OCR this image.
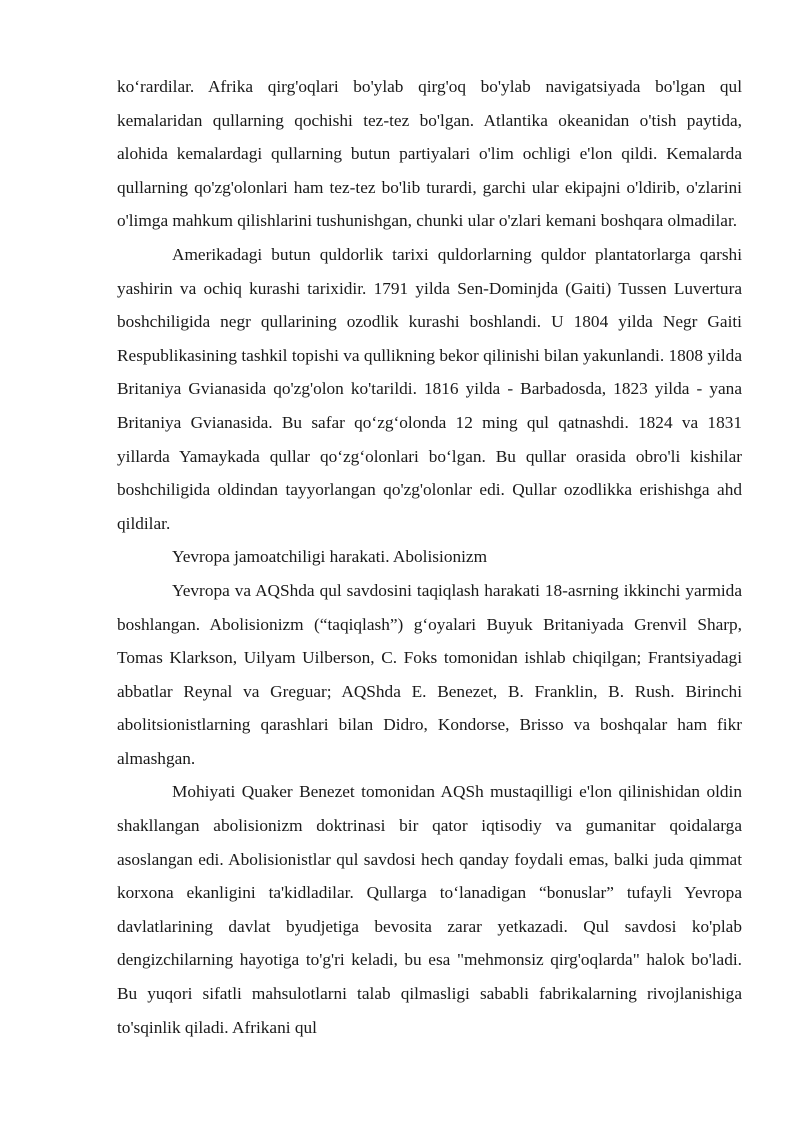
ko‘rardilar. Afrika qirg'oqlari bo'ylab qirg'oq bo'ylab navigatsiyada bo'lgan qul kemalaridan qullarning qochishi tez-tez bo'lgan. Atlantika okeanidan o'tish paytida, alohida kemalardagi qullarning butun partiyalari o'lim ochligi e'lon qildi. Kemalarda qullarning qo'zg'olonlari ham tez-tez bo'lib turardi, garchi ular ekipajni o'ldirib, o'zlarini o'limga mahkum qilishlarini tushunishgan, chunki ular o'zlari kemani boshqara olmadilar.

Amerikadagi butun quldorlik tarixi quldorlarning quldor plantatorlarga qarshi yashirin va ochiq kurashi tarixidir. 1791 yilda Sen-Dominjda (Gaiti) Tussen Luvertura boshchiligida negr qullarining ozodlik kurashi boshlandi. U 1804 yilda Negr Gaiti Respublikasining tashkil topishi va qullikning bekor qilinishi bilan yakunlandi. 1808 yilda Britaniya Gvianasida qo'zg'olon ko'tarildi. 1816 yilda - Barbadosda, 1823 yilda - yana Britaniya Gvianasida. Bu safar qo‘zg‘olonda 12 ming qul qatnashdi. 1824 va 1831 yillarda Yamaykada qullar qo‘zg‘olonlari bo‘lgan. Bu qullar orasida obro'li kishilar boshchiligida oldindan tayyorlangan qo'zg'olonlar edi. Qullar ozodlikka erishishga ahd qildilar.

Yevropa jamoatchiligi harakati. Abolisionizm

Yevropa va AQShda qul savdosini taqiqlash harakati 18-asrning ikkinchi yarmida boshlangan. Abolisionizm (“taqiqlash”) g‘oyalari Buyuk Britaniyada Grenvil Sharp, Tomas Klarkson, Uilyam Uilberson, C. Foks tomonidan ishlab chiqilgan; Frantsiyadagi abbatlar Reynal va Greguar; AQShda E. Benezet, B. Franklin, B. Rush. Birinchi abolitsionistlarning qarashlari bilan Didro, Kondorse, Brisso va boshqalar ham fikr almashgan.

Mohiyati Quaker Benezet tomonidan AQSh mustaqilligi e'lon qilinishidan oldin shakllangan abolisionizm doktrinasi bir qator iqtisodiy va gumanitar qoidalarga asoslangan edi. Abolisionistlar qul savdosi hech qanday foydali emas, balki juda qimmat korxona ekanligini ta'kidladilar. Qullarga to‘lanadigan “bonuslar” tufayli Yevropa davlatlarining davlat byudjetiga bevosita zarar yetkazadi. Qul savdosi ko'plab dengizchilarning hayotiga to'g'ri keladi, bu esa "mehmonsiz qirg'oqlarda" halok bo'ladi. Bu yuqori sifatli mahsulotlarni talab qilmasligi sababli fabrikalarning rivojlanishiga to'sqinlik qiladi. Afrikani qul
